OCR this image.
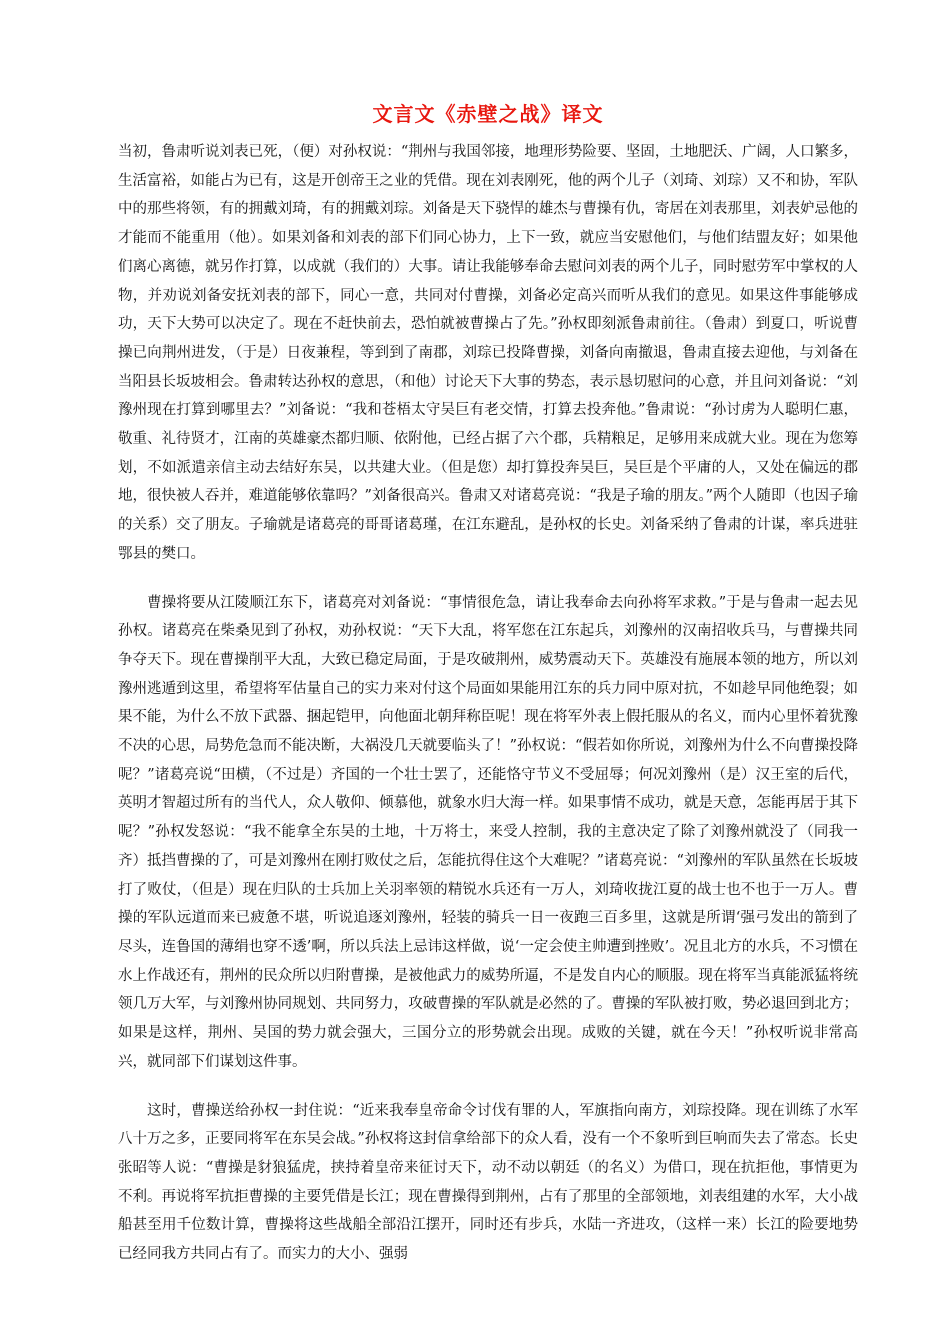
文言文《赤壁之战》译文

当初，鲁肃听说刘表已死，（便）对孙权说：“荆州与我国邻接，地理形势险要、坚固，土地肥沃、广阔，人口繁多，生活富裕，如能占为已有，这是开创帝王之业的凭借。现在刘表刚死，他的两个儿子（刘琦、刘琮）又不和协，军队中的那些将领，有的拥戴刘琦，有的拥戴刘琮。刘备是天下骁悍的雄杰与曹操有仇，寄居在刘表那里，刘表妒忌他的才能而不能重用（他）。如果刘备和刘表的部下们同心协力，上下一致，就应当安慰他们，与他们结盟友好；如果他们离心离德，就另作打算，以成就（我们的）大事。请让我能够奉命去慰问刘表的两个儿子，同时慰劳军中掌权的人物，并劝说刘备安抚刘表的部下，同心一意，共同对付曹操，刘备必定高兴而听从我们的意见。如果这件事能够成功，天下大势可以决定了。现在不赶快前去，恐怕就被曹操占了先。”孙权即刻派鲁肃前往。（鲁肃）到夏口，听说曹操已向荆州进发，（于是）日夜兼程，等到到了南郡，刘琮已投降曹操，刘备向南撤退，鲁肃直接去迎他，与刘备在当阳县长坂坡相会。鲁肃转达孙权的意思，（和他）讨论天下大事的势态，表示恳切慰问的心意，并且问刘备说：“刘豫州现在打算到哪里去？”刘备说：“我和苍梧太守吴巨有老交情，打算去投奔他。”鲁肃说：“孙讨虏为人聪明仁惠，敬重、礼待贤才，江南的英雄豪杰都归顺、依附他，已经占据了六个郡，兵精粮足，足够用来成就大业。现在为您筹划，不如派遣亲信主动去结好东吴，以共建大业。（但是您）却打算投奔吴巨，吴巨是个平庸的人，又处在偏远的郡地，很快被人吞并，难道能够依靠吗？”刘备很高兴。鲁肃又对诸葛亮说：“我是子瑜的朋友。”两个人随即（也因子瑜的关系）交了朋友。子瑜就是诸葛亮的哥哥诸葛瑾，在江东避乱，是孙权的长史。刘备采纳了鲁肃的计谋，率兵进驻鄂县的樊口。

曹操将要从江陵顺江东下，诸葛亮对刘备说：“事情很危急，请让我奉命去向孙将军求救。”于是与鲁肃一起去见孙权。诸葛亮在柴桑见到了孙权，劝孙权说：“天下大乱，将军您在江东起兵，刘豫州的汉南招收兵马，与曹操共同争夺天下。现在曹操削平大乱，大致已稳定局面，于是攻破荆州，威势震动天下。英雄没有施展本领的地方，所以刘豫州逃遁到这里，希望将军估量自己的实力来对付这个局面如果能用江东的兵力同中原对抗，不如趁早同他绝裂；如果不能，为什么不放下武器、捆起铠甲，向他面北朝拜称臣呢！现在将军外表上假托服从的名义，而内心里怀着犹豫不决的心思，局势危急而不能决断，大祸没几天就要临头了！”孙权说：“假若如你所说，刘豫州为什么不向曹操投降呢？”诸葛亮说“田横，（不过是）齐国的一个壮士罢了，还能恪守节义不受屈辱；何况刘豫州（是）汉王室的后代，英明才智超过所有的当代人，众人敬仰、倾慕他，就象水归大海一样。如果事情不成功，就是天意，怎能再居于其下呢？”孙权发怒说：“我不能拿全东吴的土地，十万将士，来受人控制，我的主意决定了除了刘豫州就没了（同我一齐）抵挡曹操的了，可是刘豫州在刚打败仗之后，怎能抗得住这个大难呢？”诸葛亮说：“刘豫州的军队虽然在长坂坡打了败仗，（但是）现在归队的士兵加上关羽率领的精锐水兵还有一万人，刘琦收拢江夏的战士也不也于一万人。曹操的军队远道而来已疲惫不堪，听说追逐刘豫州，轻装的骑兵一日一夜跑三百多里，这就是所谓‘强弓发出的箭到了尽头，连鲁国的薄绢也穿不透’啊，所以兵法上忌讳这样做，说‘一定会使主帅遭到挫败’。况且北方的水兵，不习惯在水上作战还有，荆州的民众所以归附曹操，是被他武力的威势所逼，不是发自内心的顺服。现在将军当真能派猛将统领几万大军，与刘豫州协同规划、共同努力，攻破曹操的军队就是必然的了。曹操的军队被打败，势必退回到北方；如果是这样，荆州、吴国的势力就会强大，三国分立的形势就会出现。成败的关键，就在今天！”孙权听说非常高兴，就同部下们谋划这件事。

这时，曹操送给孙权一封住说：“近来我奉皇帝命令讨伐有罪的人，军旗指向南方，刘琮投降。现在训练了水军八十万之多，正要同将军在东吴会战。”孙权将这封信拿给部下的众人看，没有一个不象听到巨响而失去了常态。长史张昭等人说：“曹操是豺狼猛虎，挟持着皇帝来征讨天下，动不动以朝廷（的名义）为借口，现在抗拒他，事情更为不利。再说将军抗拒曹操的主要凭借是长江；现在曹操得到荆州，占有了那里的全部领地，刘表组建的水军，大小战船甚至用千位数计算，曹操将这些战船全部沿江摆开，同时还有步兵，水陆一齐进攻，（这样一来）长江的险要地势已经同我方共同占有了。而实力的大小、强弱
